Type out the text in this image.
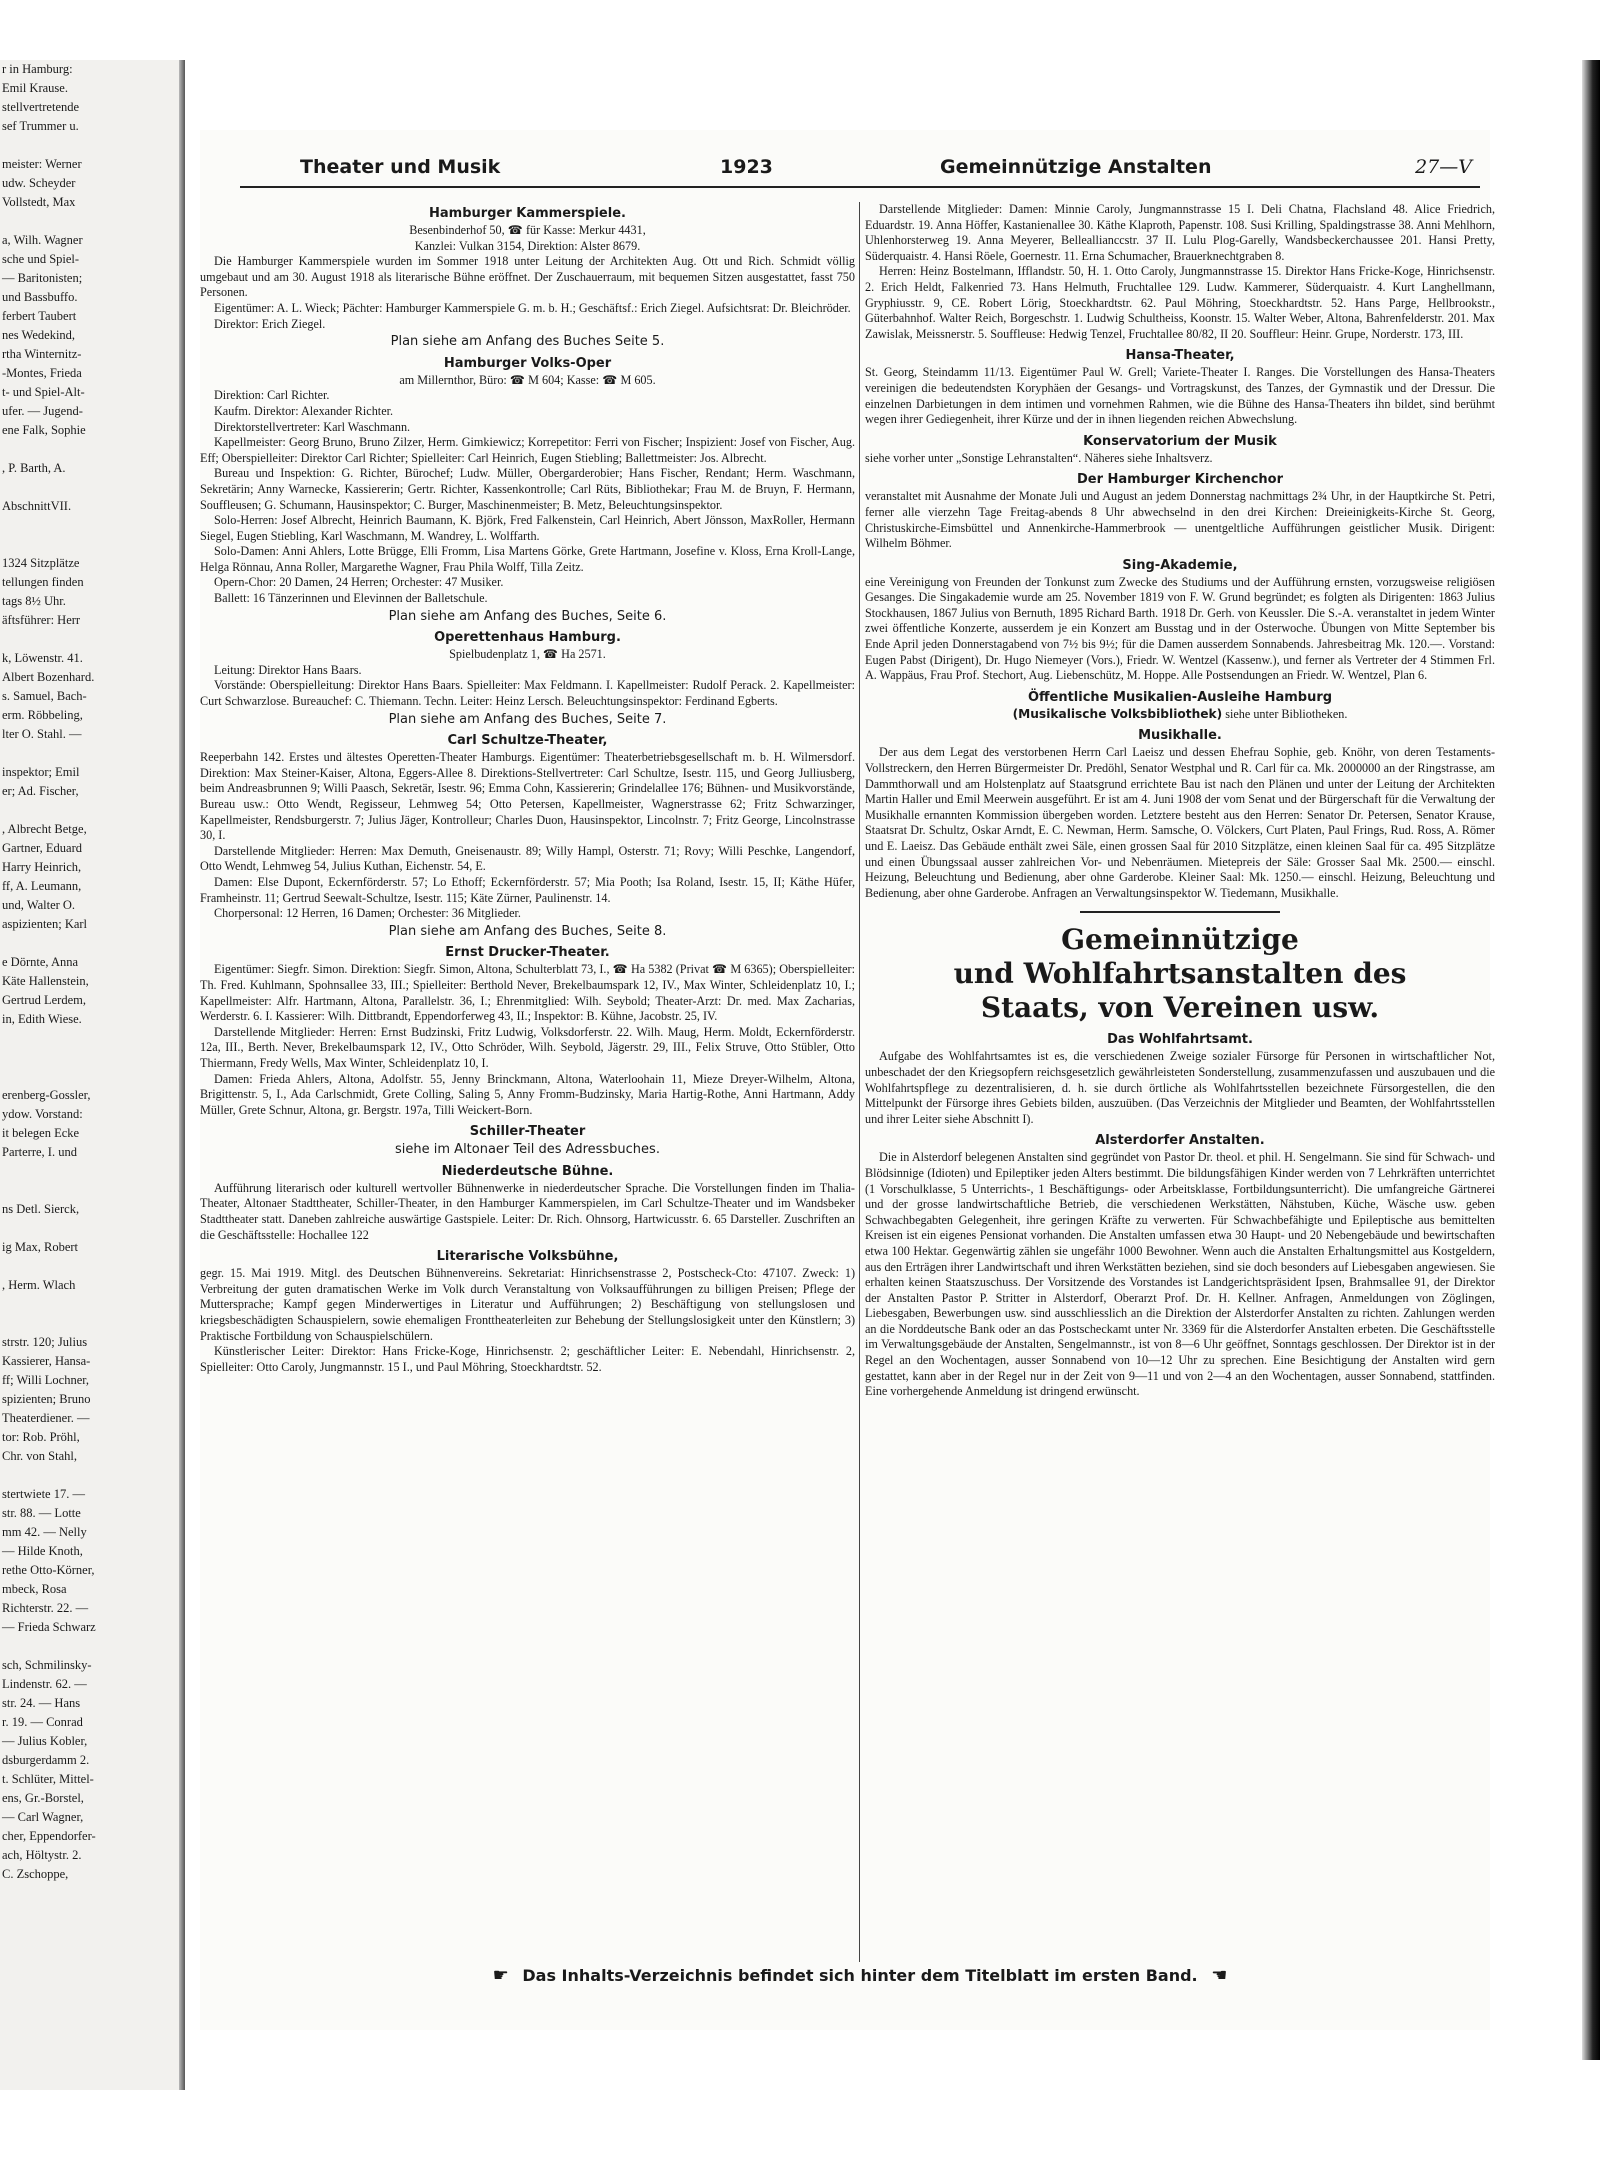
r in Hamburg:
Emil Krause.
stellvertretende
sef Trummer u.

meister: Werner
udw. Scheyder
Vollstedt, Max

a, Wilh. Wagner
sche und Spiel-
— Baritonisten;
und Bassbuffo.
ferbert Taubert
nes Wedekind,
rtha Winternitz-
-Montes, Frieda
t- und Spiel-Alt-
ufer. — Jugend-
ene Falk, Sophie

, P. Barth, A.

AbschnittVII.

1324 Sitzplätze
tellungen finden
tags 8½ Uhr.
äftsführer: Herr

k, Löwenstr. 41.
Albert Bozenhard.
s. Samuel, Bach-
erm. Röbbeling,
lter O. Stahl. —

inspektor; Emil
er; Ad. Fischer,

, Albrecht Betge,
Gartner, Eduard
Harry Heinrich,
ff, A. Leumann,
und, Walter O.
aspizienten; Karl

e Dörnte, Anna
Käte Hallenstein,
Gertrud Lerdem,
in, Edith Wiese.

erenberg-Gossler,
ydow. Vorstand:
it belegen Ecke
Parterre, I. und

ns Detl. Sierck,

ig Max, Robert

, Herm. Wlach

strstr. 120; Julius
Kassierer, Hansa-
ff; Willi Lochner,
spizienten; Bruno
Theaterdiener. —
tor: Rob. Pröhl,
Chr. von Stahl,

stertwiete 17. —
str. 88. — Lotte
mm 42. — Nelly
— Hilde Knoth,
rethe Otto-Körner,
mbeck, Rosa
Richterstr. 22. —
— Frieda Schwarz

sch, Schmilinsky-
Lindenstr. 62. —
str. 24. — Hans
r. 19. — Conrad
— Julius Kobler,
dsburgerdamm 2.
t. Schlüter, Mittel-
ens, Gr.-Borstel,
— Carl Wagner,
cher, Eppendorfer-
ach, Höltystr. 2.
C. Zschoppe,
Theater und Musik	1923	Gemeinnützige Anstalten	27—V
Hamburger Kammerspiele.
Besenbinderhof 50, ☎ für Kasse: Merkur 4431,
Kanzlei: Vulkan 3154, Direktion: Alster 8679.

Die Hamburger Kammerspiele wurden im Sommer 1918 unter Leitung der Architekten Aug. Ott und Rich. Schmidt völlig umgebaut und am 30. August 1918 als literarische Bühne eröffnet. Der Zuschauerraum, mit bequemen Sitzen ausgestattet, fasst 750 Personen.

Eigentümer: A. L. Wieck; Pächter: Hamburger Kammerspiele G. m. b. H.; Geschäftsf.: Erich Ziegel. Aufsichtsrat: Dr. Bleichröder.

Direktor: Erich Ziegel.

Plan siehe am Anfang des Buches Seite 5.
Hamburger Volks-Oper
am Millernthor, Büro: ☎ M 604; Kasse: ☎ M 605.

Direktion: Carl Richter.

Kaufm. Direktor: Alexander Richter.

Direktorstellvertreter: Karl Waschmann.

Kapellmeister: Georg Bruno, Bruno Zilzer, Herm. Gimkiewicz; Korrepetitor: Ferri von Fischer; Inspizient: Josef von Fischer, Aug. Eff; Oberspielleiter: Direktor Carl Richter; Spielleiter: Carl Heinrich, Eugen Stiebling; Ballettmeister: Jos. Albrecht.

Bureau und Inspektion: G. Richter, Bürochef; Ludw. Müller, Obergarderobier; Hans Fischer, Rendant; Herm. Waschmann, Sekretärin; Anny Warnecke, Kassiererin; Gertr. Richter, Kassenkontrolle; Carl Rüts, Bibliothekar; Frau M. de Bruyn, F. Hermann, Souffleusen; G. Schumann, Hausinspektor; C. Burger, Maschinenmeister; B. Metz, Beleuchtungsinspektor.

Solo-Herren: Josef Albrecht, Heinrich Baumann, K. Björk, Fred Falkenstein, Carl Heinrich, Abert Jönsson, MaxRoller, Hermann Siegel, Eugen Stiebling, Karl Waschmann, M. Wandrey, L. Wolffarth.

Solo-Damen: Anni Ahlers, Lotte Brügge, Elli Fromm, Lisa Martens Görke, Grete Hartmann, Josefine v. Kloss, Erna Kroll-Lange, Helga Rönnau, Anna Roller, Margarethe Wagner, Frau Phila Wolff, Tilla Zeitz.

Opern-Chor: 20 Damen, 24 Herren; Orchester: 47 Musiker.

Ballett: 16 Tänzerinnen und Elevinnen der Balletschule.

Plan siehe am Anfang des Buches, Seite 6.
Operettenhaus Hamburg.
Spielbudenplatz 1, ☎ Ha 2571.

Leitung: Direktor Hans Baars.

Vorstände: Oberspielleitung: Direktor Hans Baars. Spielleiter: Max Feldmann. I. Kapellmeister: Rudolf Perack. 2. Kapellmeister: Curt Schwarzlose. Bureauchef: C. Thiemann. Techn. Leiter: Heinz Lersch. Beleuchtungsinspektor: Ferdinand Egberts.

Plan siehe am Anfang des Buches, Seite 7.
Carl Schultze-Theater,

Reeperbahn 142. Erstes und ältestes Operetten-Theater Hamburgs. Eigentümer: Theaterbetriebsgesellschaft m. b. H. Wilmersdorf. Direktion: Max Steiner-Kaiser, Altona, Eggers-Allee 8. Direktions-Stellvertreter: Carl Schultze, Isestr. 115, und Georg Julliusberg, beim Andreasbrunnen 9; Willi Paasch, Sekretär, Isestr. 96; Emma Cohn, Kassiererin; Grindelallee 176; Bühnen- und Musikvorstände, Bureau usw.: Otto Wendt, Regisseur, Lehmweg 54; Otto Petersen, Kapellmeister, Wagnerstrasse 62; Fritz Schwarzinger, Kapellmeister, Rendsburgerstr. 7; Julius Jäger, Kontrolleur; Charles Duon, Hausinspektor, Lincolnstr. 7; Fritz George, Lincolnstrasse 30, I.

Darstellende Mitglieder: Herren: Max Demuth, Gneisenaustr. 89; Willy Hampl, Osterstr. 71; Rovy; Willi Peschke, Langendorf, Otto Wendt, Lehmweg 54, Julius Kuthan, Eichenstr. 54, E.

Damen: Else Dupont, Eckernförderstr. 57; Lo Ethoff; Eckernförderstr. 57; Mia Pooth; Isa Roland, Isestr. 15, II; Käthe Hüfer, Framheinstr. 11; Gertrud Seewalt-Schultze, Isestr. 115; Käte Zürner, Paulinenstr. 14.

Chorpersonal: 12 Herren, 16 Damen; Orchester: 36 Mitglieder.

Plan siehe am Anfang des Buches, Seite 8.
Ernst Drucker-Theater.

Eigentümer: Siegfr. Simon. Direktion: Siegfr. Simon, Altona, Schulterblatt 73, I., ☎ Ha 5382 (Privat ☎ M 6365); Oberspielleiter: Th. Fred. Kuhlmann, Spohnsallee 33, III.; Spielleiter: Berthold Never, Brekelbaumspark 12, IV., Max Winter, Schleidenplatz 10, I.; Kapellmeister: Alfr. Hartmann, Altona, Parallelstr. 36, I.; Ehrenmitglied: Wilh. Seybold; Theater-Arzt: Dr. med. Max Zacharias, Werderstr. 6. I. Kassierer: Wilh. Dittbrandt, Eppendorferweg 43, II.; Inspektor: B. Kühne, Jacobstr. 25, IV.

Darstellende Mitglieder: Herren: Ernst Budzinski, Fritz Ludwig, Volksdorferstr. 22. Wilh. Maug, Herm. Moldt, Eckernförderstr. 12a, III., Berth. Never, Brekelbaumspark 12, IV., Otto Schröder, Wilh. Seybold, Jägerstr. 29, III., Felix Struve, Otto Stübler, Otto Thiermann, Fredy Wells, Max Winter, Schleidenplatz 10, I.

Damen: Frieda Ahlers, Altona, Adolfstr. 55, Jenny Brinckmann, Altona, Waterloohain 11, Mieze Dreyer-Wilhelm, Altona, Brigittenstr. 5, I., Ada Carlschmidt, Grete Colling, Saling 5, Anny Fromm-Budzinsky, Maria Hartig-Rothe, Anni Hartmann, Addy Müller, Grete Schnur, Altona, gr. Bergstr. 197a, Tilli Weickert-Born.

Schiller-Theater
siehe im Altonaer Teil des Adressbuches.
Niederdeutsche Bühne.

Aufführung literarisch oder kulturell wertvoller Bühnenwerke in niederdeutscher Sprache. Die Vorstellungen finden im Thalia-Theater, Altonaer Stadttheater, Schiller-Theater, in den Hamburger Kammerspielen, im Carl Schultze-Theater und im Wandsbeker Stadttheater statt. Daneben zahlreiche auswärtige Gastspiele. Leiter: Dr. Rich. Ohnsorg, Hartwicusstr. 6. 65 Darsteller. Zuschriften an die Geschäftsstelle: Hochallee 122

Literarische Volksbühne,

gegr. 15. Mai 1919. Mitgl. des Deutschen Bühnenvereins. Sekretariat: Hinrichsenstrasse 2, Postscheck-Cto: 47107. Zweck: 1) Verbreitung der guten dramatischen Werke im Volk durch Veranstaltung von Volksaufführungen zu billigen Preisen; Pflege der Muttersprache; Kampf gegen Minderwertiges in Literatur und Aufführungen; 2) Beschäftigung von stellungslosen und kriegsbeschädigten Schauspielern, sowie ehemaligen Fronttheaterleiten zur Behebung der Stellungslosigkeit unter den Künstlern; 3) Praktische Fortbildung von Schauspielschülern.

Künstlerischer Leiter: Direktor: Hans Fricke-Koge, Hinrichsenstr. 2; geschäftlicher Leiter: E. Nebendahl, Hinrichsenstr. 2, Spielleiter: Otto Caroly, Jungmannstr. 15 I., und Paul Möhring, Stoeckhardtstr. 52.

Darstellende Mitglieder: Damen: Minnie Caroly, Jungmannstrasse 15 I. Deli Chatna, Flachsland 48. Alice Friedrich, Eduardstr. 19. Anna Höffer, Kastanienallee 30. Käthe Klaproth, Papenstr. 108. Susi Krilling, Spaldingstrasse 38. Anni Mehlhorn, Uhlenhorsterweg 19. Anna Meyerer, Belleallianccstr. 37 II. Lulu Plog-Garelly, Wandsbeckerchaussee 201. Hansi Pretty, Süderquaistr. 4. Hansi Röele, Goernestr. 11. Erna Schumacher, Brauerknechtgraben 8.

Herren: Heinz Bostelmann, Ifflandstr. 50, H. 1. Otto Caroly, Jungmannstrasse 15. Direktor Hans Fricke-Koge, Hinrichsenstr. 2. Erich Heldt, Falkenried 73. Hans Helmuth, Fruchtallee 129. Ludw. Kammerer, Süderquaistr. 4. Kurt Langhellmann, Gryphiusstr. 9, CE. Robert Lörig, Stoeckhardtstr. 62. Paul Möhring, Stoeckhardtstr. 52. Hans Parge, Hellbrookstr., Güterbahnhof. Walter Reich, Borgeschstr. 1. Ludwig Schultheiss, Koonstr. 15. Walter Weber, Altona, Bahrenfelderstr. 201. Max Zawislak, Meissnerstr. 5. Souffleuse: Hedwig Tenzel, Fruchtallee 80/82, II 20. Souffleur: Heinr. Grupe, Norderstr. 173, III.

Hansa-Theater,

St. Georg, Steindamm 11/13. Eigentümer Paul W. Grell; Variete-Theater I. Ranges. Die Vorstellungen des Hansa-Theaters vereinigen die bedeutendsten Koryphäen der Gesangs- und Vortragskunst, des Tanzes, der Gymnastik und der Dressur. Die einzelnen Darbietungen in dem intimen und vornehmen Rahmen, wie die Bühne des Hansa-Theaters ihn bildet, sind berühmt wegen ihrer Gediegenheit, ihrer Kürze und der in ihnen liegenden reichen Abwechslung.

Konservatorium der Musik

siehe vorher unter „Sonstige Lehranstalten“. Näheres siehe Inhaltsverz.

Der Hamburger Kirchenchor

veranstaltet mit Ausnahme der Monate Juli und August an jedem Donnerstag nachmittags 2¾ Uhr, in der Hauptkirche St. Petri, ferner alle vierzehn Tage Freitag-abends 8 Uhr abwechselnd in den drei Kirchen: Dreieinigkeits-Kirche St. Georg, Christuskirche-Eimsbüttel und Annenkirche-Hammerbrook — unentgeltliche Aufführungen geistlicher Musik. Dirigent: Wilhelm Böhmer.

Sing-Akademie,

eine Vereinigung von Freunden der Tonkunst zum Zwecke des Studiums und der Aufführung ernsten, vorzugsweise religiösen Gesanges. Die Singakademie wurde am 25. November 1819 von F. W. Grund begründet; es folgten als Dirigenten: 1863 Julius Stockhausen, 1867 Julius von Bernuth, 1895 Richard Barth. 1918 Dr. Gerh. von Keussler. Die S.-A. veranstaltet in jedem Winter zwei öffentliche Konzerte, ausserdem je ein Konzert am Busstag und in der Osterwoche. Übungen von Mitte September bis Ende April jeden Donnerstagabend von 7½ bis 9½; für die Damen ausserdem Sonnabends. Jahresbeitrag Mk. 120.—. Vorstand: Eugen Pabst (Dirigent), Dr. Hugo Niemeyer (Vors.), Friedr. W. Wentzel (Kassenw.), und ferner als Vertreter der 4 Stimmen Frl. A. Wappäus, Frau Prof. Stechort, Aug. Liebenschütz, M. Hoppe. Alle Postsendungen an Friedr. W. Wentzel, Plan 6.

Öffentliche Musikalien-Ausleihe Hamburg
(Musikalische Volksbibliothek) siehe unter Bibliotheken.
Musikhalle.

Der aus dem Legat des verstorbenen Herrn Carl Laeisz und dessen Ehefrau Sophie, geb. Knöhr, von deren Testaments-Vollstreckern, den Herren Bürgermeister Dr. Predöhl, Senator Westphal und R. Carl für ca. Mk. 2000000 an der Ringstrasse, am Dammthorwall und am Holstenplatz auf Staatsgrund errichtete Bau ist nach den Plänen und unter der Leitung der Architekten Martin Haller und Emil Meerwein ausgeführt. Er ist am 4. Juni 1908 der vom Senat und der Bürgerschaft für die Verwaltung der Musikhalle ernannten Kommission übergeben worden. Letztere besteht aus den Herren: Senator Dr. Petersen, Senator Krause, Staatsrat Dr. Schultz, Oskar Arndt, E. C. Newman, Herm. Samsche, O. Völckers, Curt Platen, Paul Frings, Rud. Ross, A. Römer und E. Laeisz. Das Gebäude enthält zwei Säle, einen grossen Saal für 2010 Sitzplätze, einen kleinen Saal für ca. 495 Sitzplätze und einen Übungssaal ausser zahlreichen Vor- und Nebenräumen. Mietepreis der Säle: Grosser Saal Mk. 2500.— einschl. Heizung, Beleuchtung und Bedienung, aber ohne Garderobe. Kleiner Saal: Mk. 1250.— einschl. Heizung, Beleuchtung und Bedienung, aber ohne Garderobe. Anfragen an Verwaltungsinspektor W. Tiedemann, Musikhalle.

Gemeinnützige
und Wohlfahrtsanstalten des
Staats, von Vereinen usw.
Das Wohlfahrtsamt.

Aufgabe des Wohlfahrtsamtes ist es, die verschiedenen Zweige sozialer Fürsorge für Personen in wirtschaftlicher Not, unbeschadet der den Kriegsopfern reichsgesetzlich gewährleisteten Sonderstellung, zusammenzufassen und auszubauen und die Wohlfahrtspflege zu dezentralisieren, d. h. sie durch örtliche als Wohlfahrtsstellen bezeichnete Fürsorgestellen, die den Mittelpunkt der Fürsorge ihres Gebiets bilden, auszuüben. (Das Verzeichnis der Mitglieder und Beamten, der Wohlfahrtsstellen und ihrer Leiter siehe Abschnitt I).

Alsterdorfer Anstalten.

Die in Alsterdorf belegenen Anstalten sind gegründet von Pastor Dr. theol. et phil. H. Sengelmann. Sie sind für Schwach- und Blödsinnige (Idioten) und Epileptiker jeden Alters bestimmt. Die bildungsfähigen Kinder werden von 7 Lehrkräften unterrichtet (1 Vorschulklasse, 5 Unterrichts-, 1 Beschäftigungs- oder Arbeitsklasse, Fortbildungsunterricht). Die umfangreiche Gärtnerei und der grosse landwirtschaftliche Betrieb, die verschiedenen Werkstätten, Nähstuben, Küche, Wäsche usw. geben Schwachbegabten Gelegenheit, ihre geringen Kräfte zu verwerten. Für Schwachbefähigte und Epileptische aus bemittelten Kreisen ist ein eigenes Pensionat vorhanden. Die Anstalten umfassen etwa 30 Haupt- und 20 Nebengebäude und bewirtschaften etwa 100 Hektar. Gegenwärtig zählen sie ungefähr 1000 Bewohner. Wenn auch die Anstalten Erhaltungsmittel aus Kostgeldern, aus den Erträgen ihrer Landwirtschaft und ihren Werkstätten beziehen, sind sie doch besonders auf Liebesgaben angewiesen. Sie erhalten keinen Staatszuschuss. Der Vorsitzende des Vorstandes ist Landgerichtspräsident Ipsen, Brahmsallee 91, der Direktor der Anstalten Pastor P. Stritter in Alsterdorf, Oberarzt Prof. Dr. H. Kellner. Anfragen, Anmeldungen von Zöglingen, Liebesgaben, Bewerbungen usw. sind ausschliesslich an die Direktion der Alsterdorfer Anstalten zu richten. Zahlungen werden an die Norddeutsche Bank oder an das Postscheckamt unter Nr. 3369 für die Alsterdorfer Anstalten erbeten. Die Geschäftsstelle im Verwaltungsgebäude der Anstalten, Sengelmannstr., ist von 8—6 Uhr geöffnet, Sonntags geschlossen. Der Direktor ist in der Regel an den Wochentagen, ausser Sonnabend von 10—12 Uhr zu sprechen. Eine Besichtigung der Anstalten wird gern gestattet, kann aber in der Regel nur in der Zeit von 9—11 und von 2—4 an den Wochentagen, ausser Sonnabend, stattfinden. Eine vorhergehende Anmeldung ist dringend erwünscht.

☛ Das Inhalts-Verzeichnis befindet sich hinter dem Titelblatt im ersten Band. ☚
